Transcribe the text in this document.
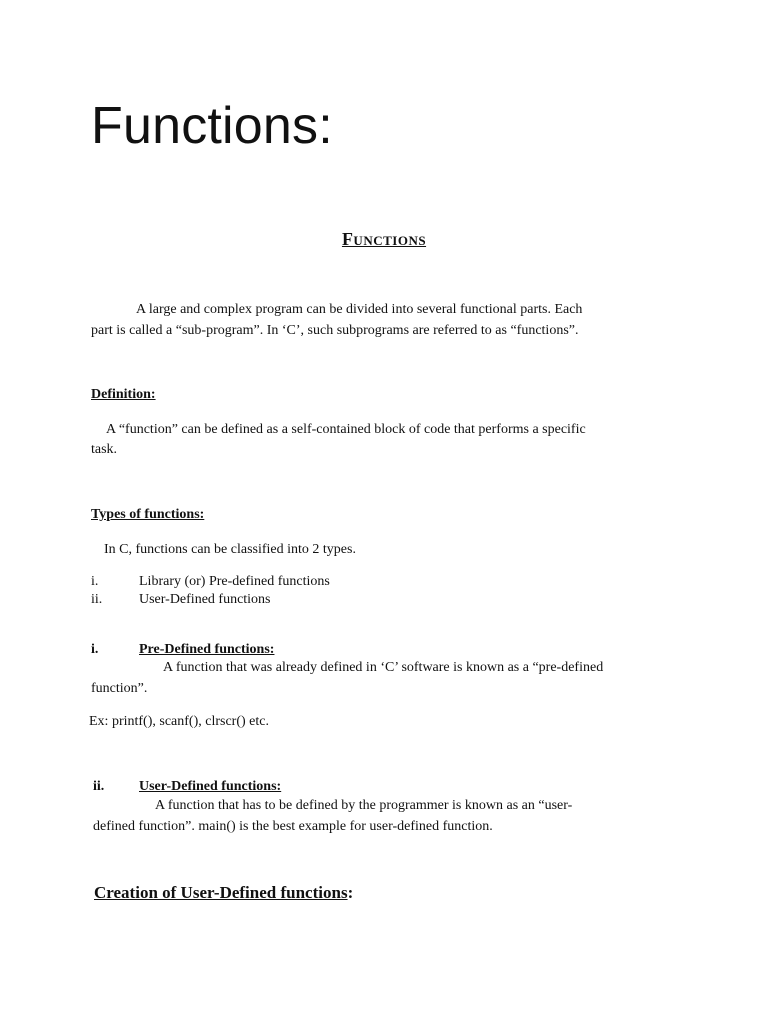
Functions:
Functions
A large and complex program can be divided into several functional parts. Each
part is called a “sub-program”. In ‘C’, such subprograms are referred to as “functions”.
Definition:
A “function” can be defined as a self-contained block of code that performs a specific
task.
Types of functions:
In C, functions can be classified into 2 types.
i.	Library (or) Pre-defined functions
ii.	User-Defined functions
i.	Pre-Defined functions:
A function that was already defined in ‘C’ software is known as a “pre-defined
function”.
Ex: printf(), scanf(), clrscr() etc.
ii. User-Defined functions:
A function that has to be defined by the programmer is known as an “user-
defined function”. main() is the best example for user-defined function.
Creation of User-Defined functions:
